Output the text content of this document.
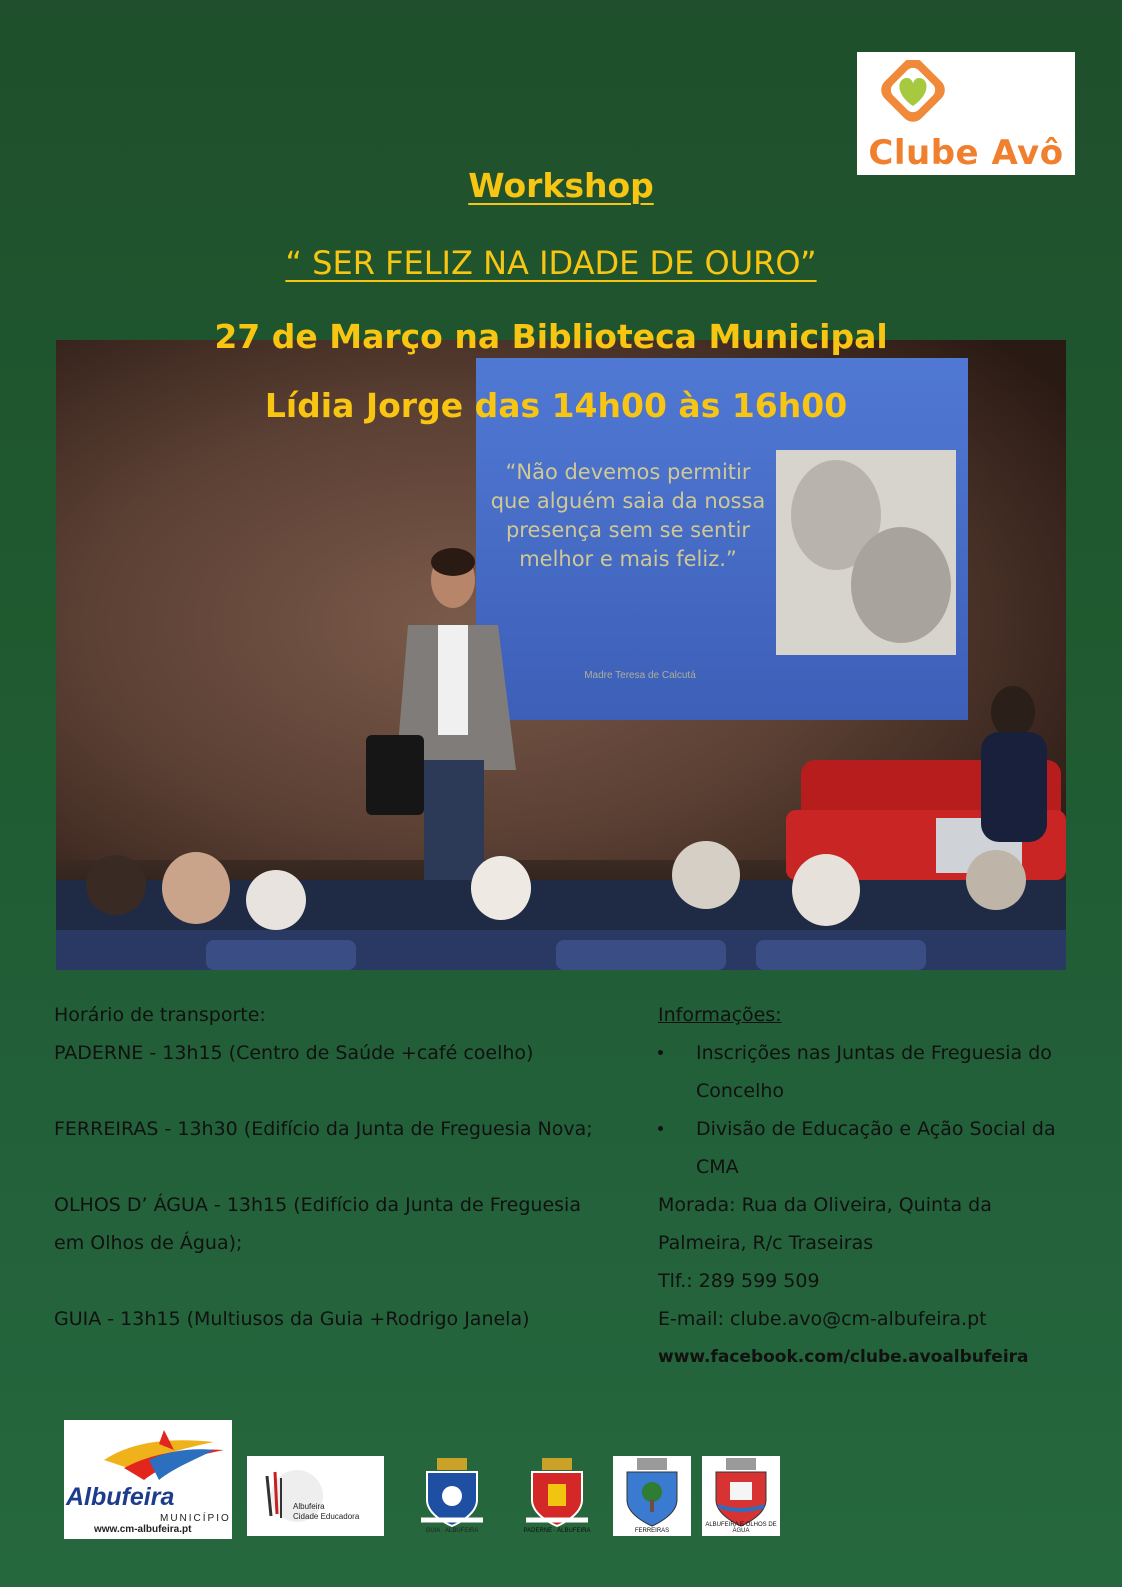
Clube Avô
Workshop
“ SER FELIZ NA IDADE DE OURO”
“Não devemos permitir que alguém saia da nossa presença sem se sentir melhor e mais feliz.”
Madre Teresa de Calcutá
27 de Março na Biblioteca Municipal
Lídia Jorge das 14h00 às 16h00

Horário de transporte:

PADERNE - 13h15 (Centro de Saúde +café coelho)

FERREIRAS - 13h30 (Edifício da Junta de Freguesia Nova;

OLHOS D’ ÁGUA - 13h15 (Edifício da Junta de Freguesia em Olhos de Água);

GUIA - 13h15 (Multiusos da Guia +Rodrigo Janela)

Informações:

Inscrições nas Juntas de Freguesia do Concelho

Divisão de Educação e Ação Social da CMA

Morada: Rua da Oliveira, Quinta da Palmeira, R/c Traseiras

Tlf.: 289 599 509

E-mail: clube.avo@cm-albufeira.pt

www.facebook.com/clube.avoalbufeira

Albufeira
MUNICÍPIO
www.cm-albufeira.pt
Albufeira
Cidade Educadora
GUIA · ALBUFEIRA	PADERNE · ALBUFEIRA	FERREIRAS
ALBUFEIRA E OLHOS DE ÁGUA
